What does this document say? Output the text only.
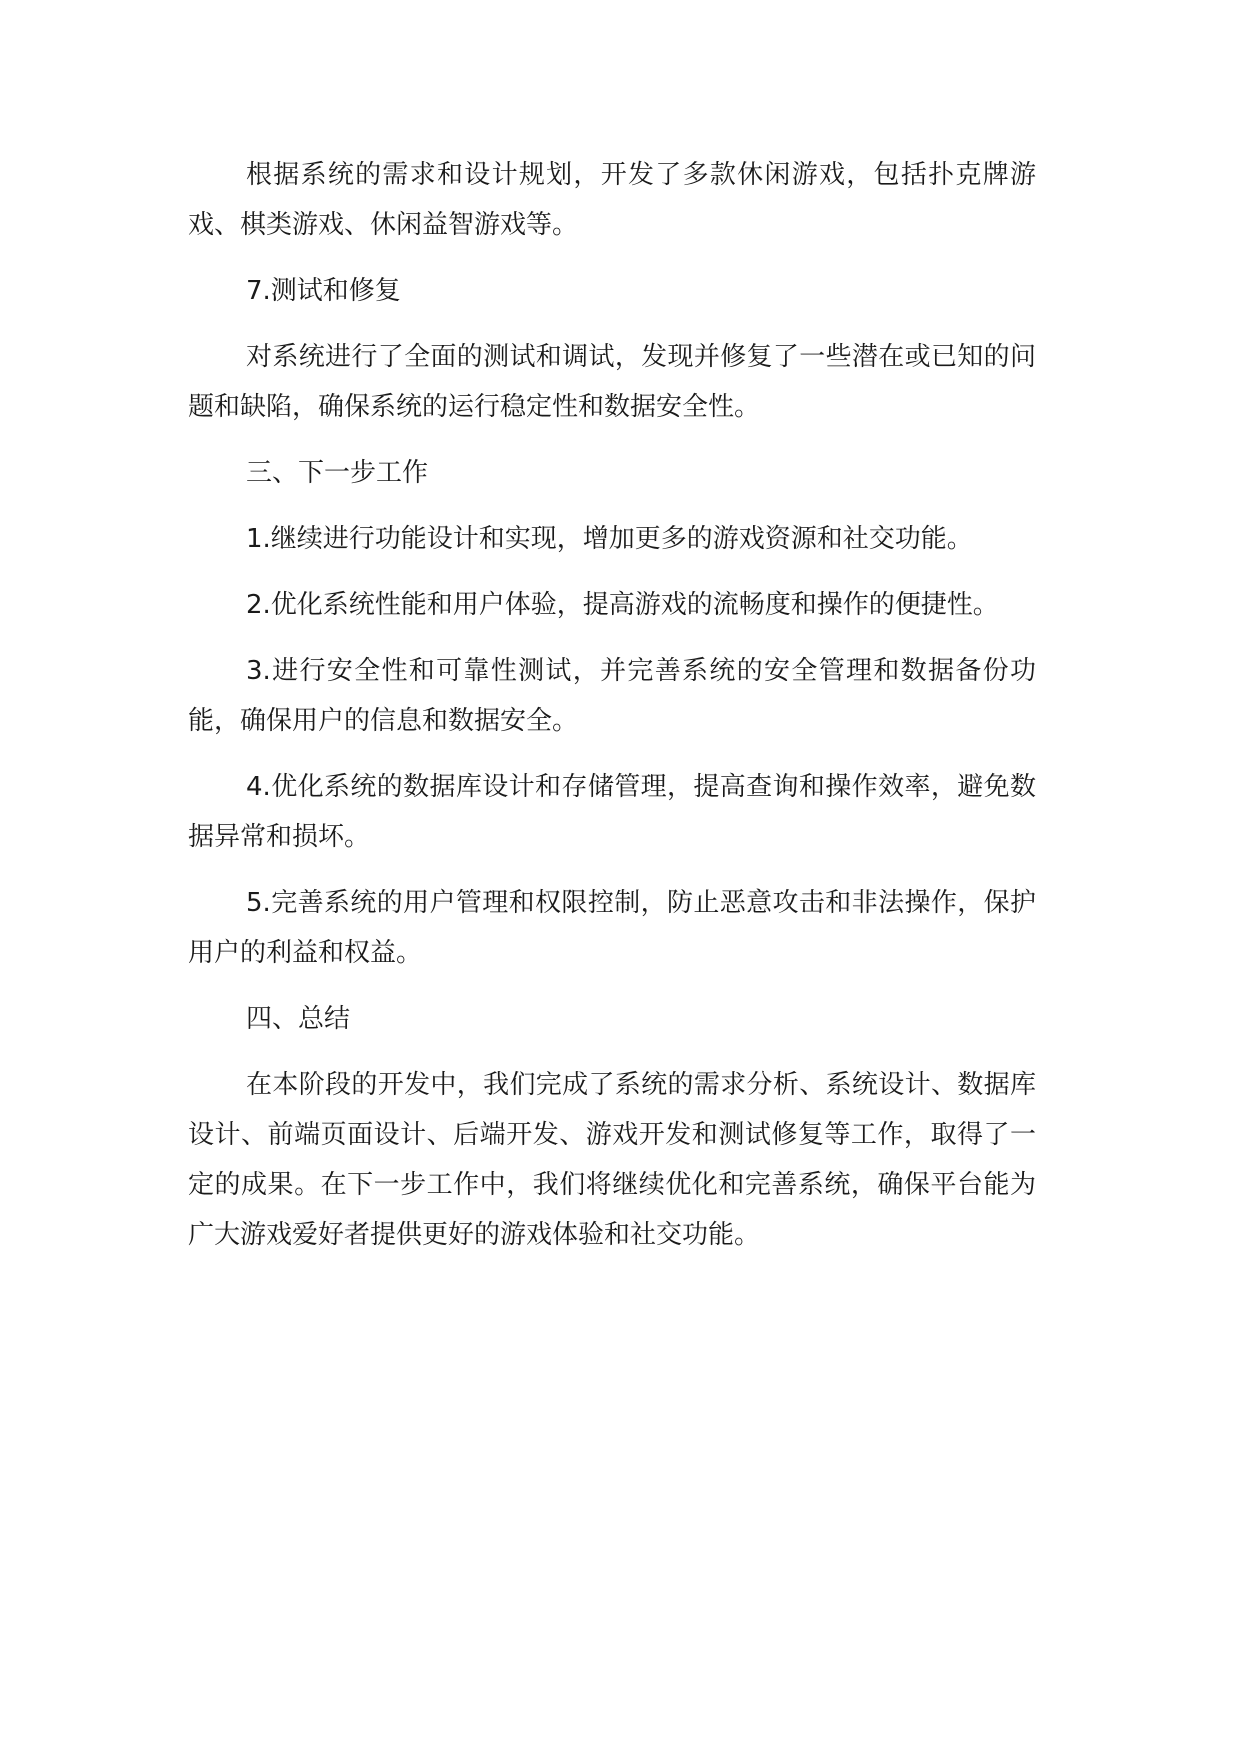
根据系统的需求和设计规划，开发了多款休闲游戏，包括扑克牌游戏、棋类游戏、休闲益智游戏等。

7.测试和修复

对系统进行了全面的测试和调试，发现并修复了一些潜在或已知的问题和缺陷，确保系统的运行稳定性和数据安全性。

三、下一步工作

1.继续进行功能设计和实现，增加更多的游戏资源和社交功能。

2.优化系统性能和用户体验，提高游戏的流畅度和操作的便捷性。

3.进行安全性和可靠性测试，并完善系统的安全管理和数据备份功能，确保用户的信息和数据安全。

4.优化系统的数据库设计和存储管理，提高查询和操作效率，避免数据异常和损坏。

5.完善系统的用户管理和权限控制，防止恶意攻击和非法操作，保护用户的利益和权益。

四、总结

在本阶段的开发中，我们完成了系统的需求分析、系统设计、数据库设计、前端页面设计、后端开发、游戏开发和测试修复等工作，取得了一定的成果。在下一步工作中，我们将继续优化和完善系统，确保平台能为广大游戏爱好者提供更好的游戏体验和社交功能。
